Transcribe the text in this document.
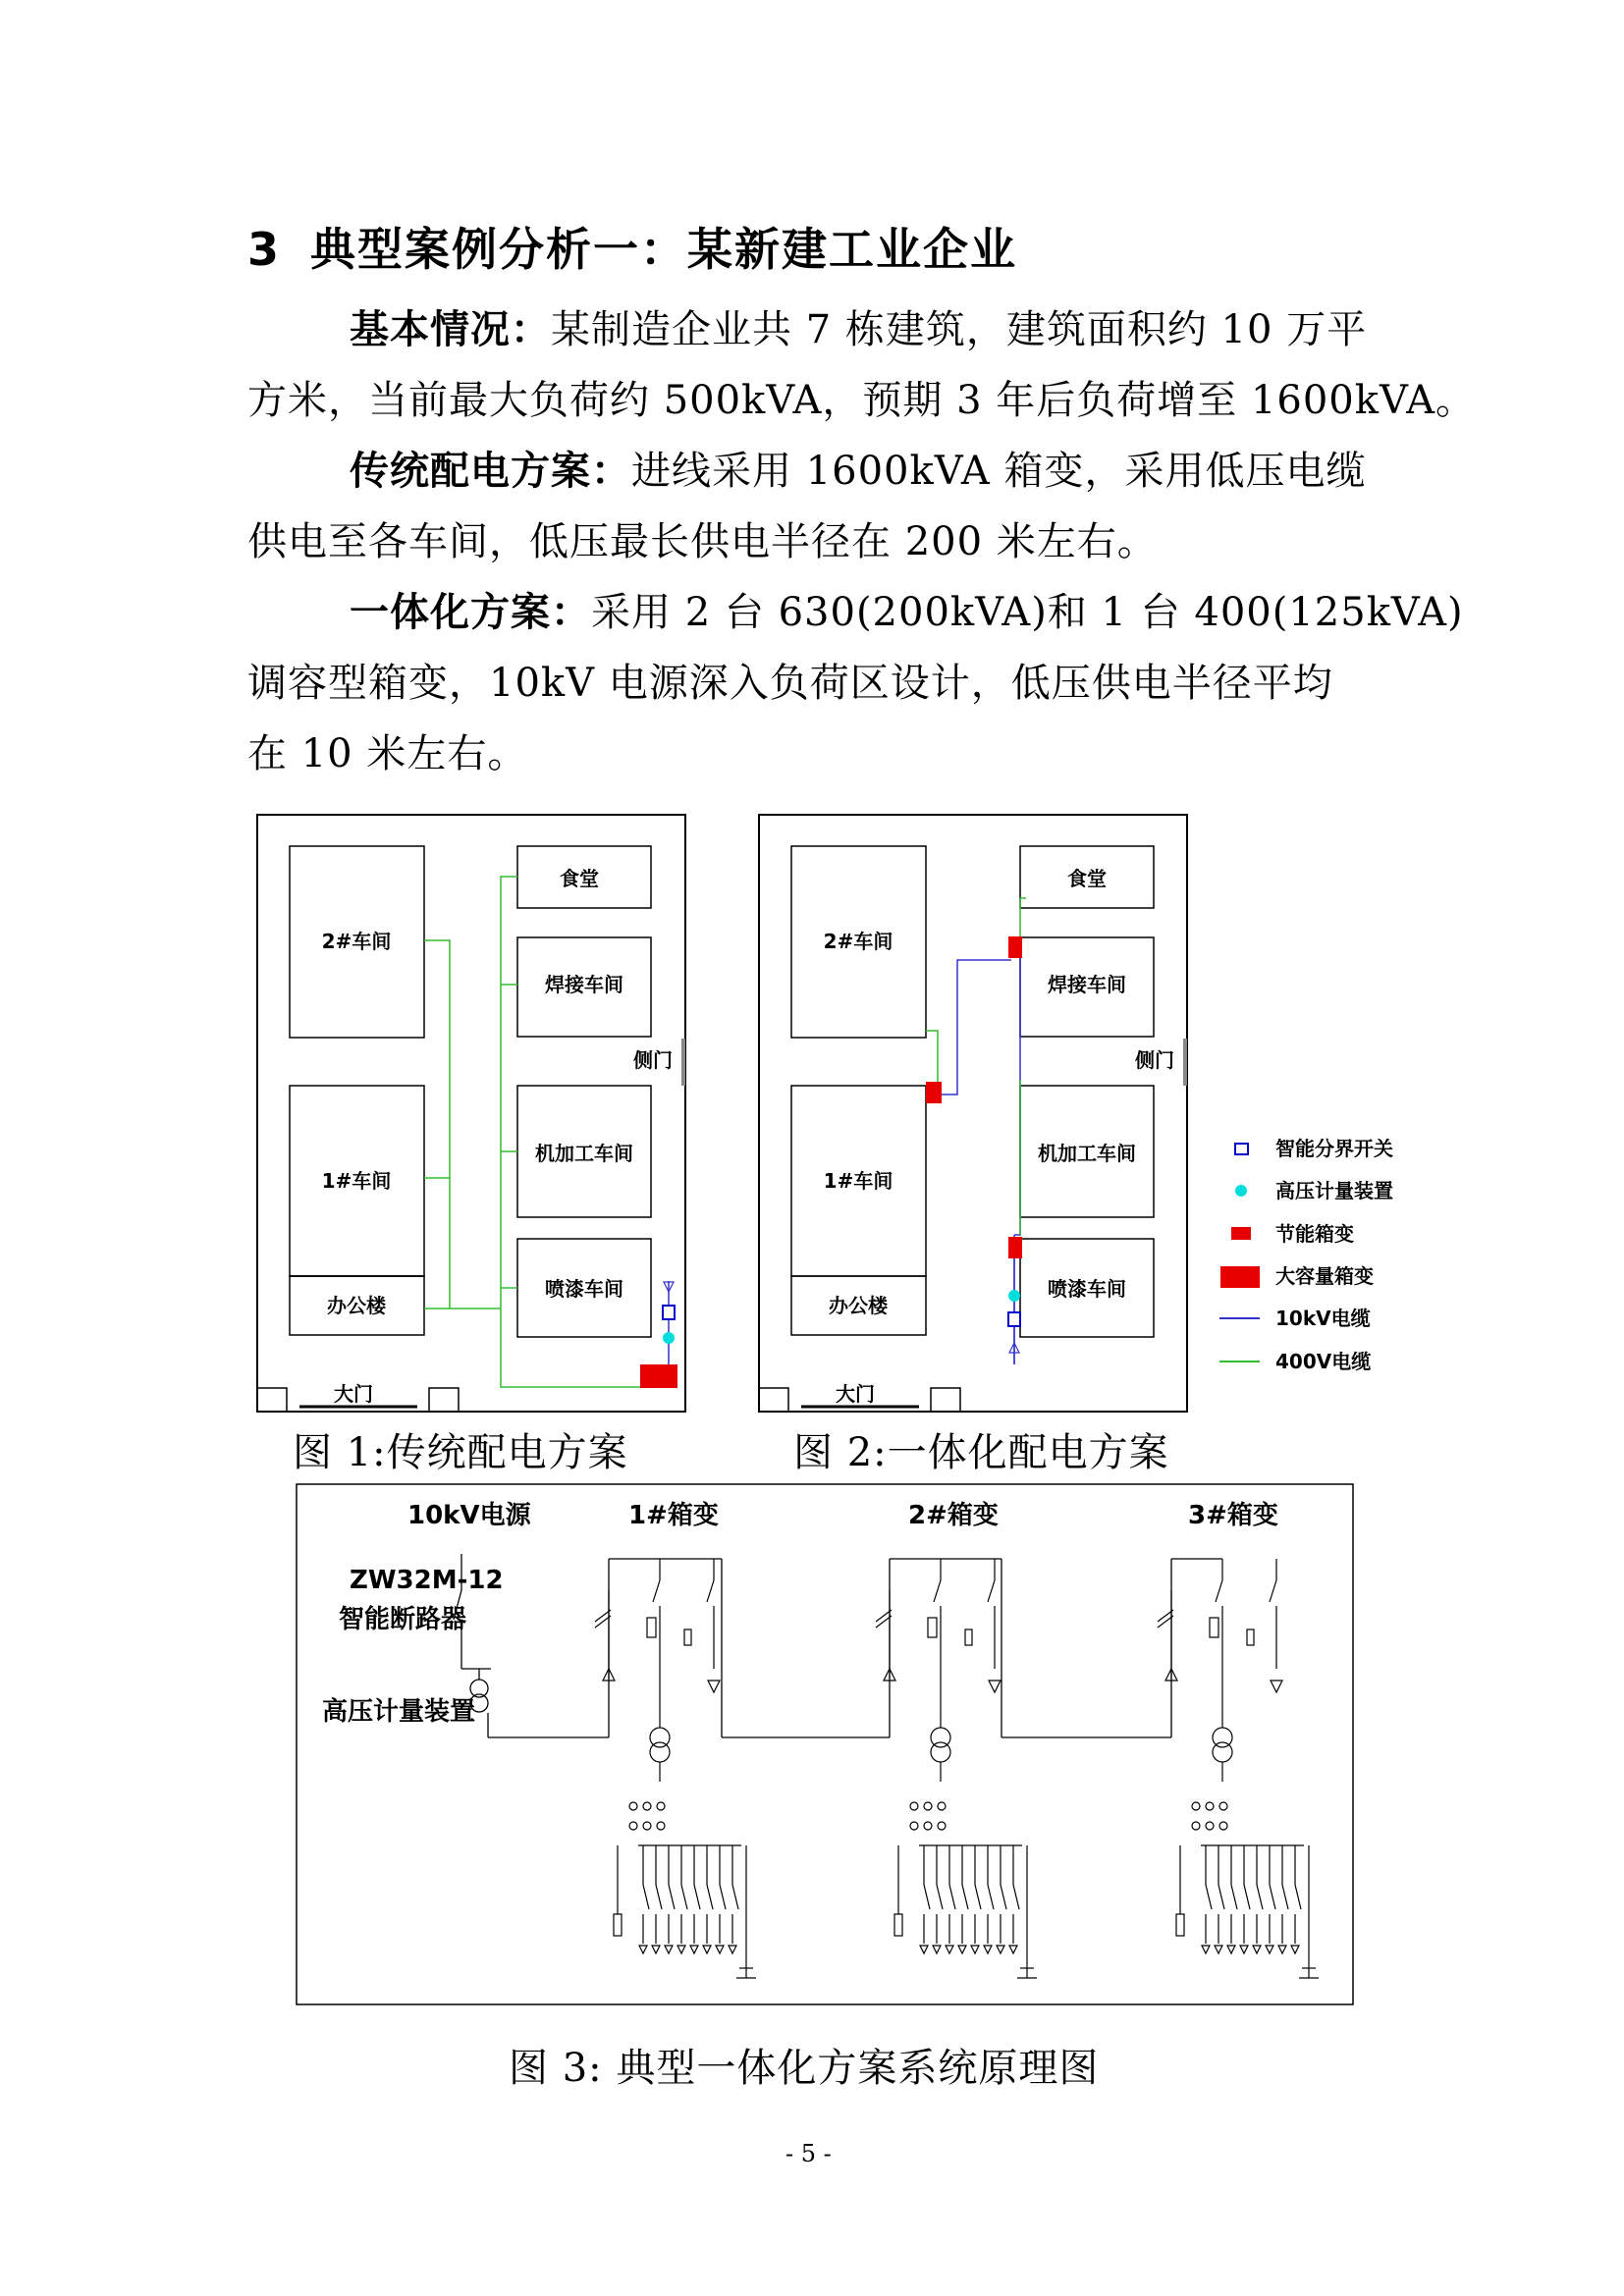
3 典型案例分析一：某新建工业企业
基本情况：某制造企业共 7 栋建筑，建筑面积约 10 万平
方米，当前最大负荷约 500kVA，预期 3 年后负荷增至 1600kVA。
传统配电方案：进线采用 1600kVA 箱变，采用低压电缆
供电至各车间，低压最长供电半径在 200 米左右。
一体化方案：采用 2 台 630(200kVA)和 1 台 400(125kVA)
调容型箱变，10kV 电源深入负荷区设计，低压供电半径平均
在 10 米左右。
智能分界开关
高压计量装置
节能箱变
大容量箱变
10kV电缆
400V电缆
食堂
2#车间
焊接车间
侧门
机加工车间
1#车间
喷漆车间
办公楼
大门
食堂
2#车间
焊接车间
侧门
机加工车间
1#车间
喷漆车间
办公楼
大门
图 1:传统配电方案	图 2:一体化配电方案
10kV电源	1#箱变	2#箱变	3#箱变
ZW32M-12
智能断路器
高压计量装置
图 3: 典型一体化方案系统原理图
- 5 -
